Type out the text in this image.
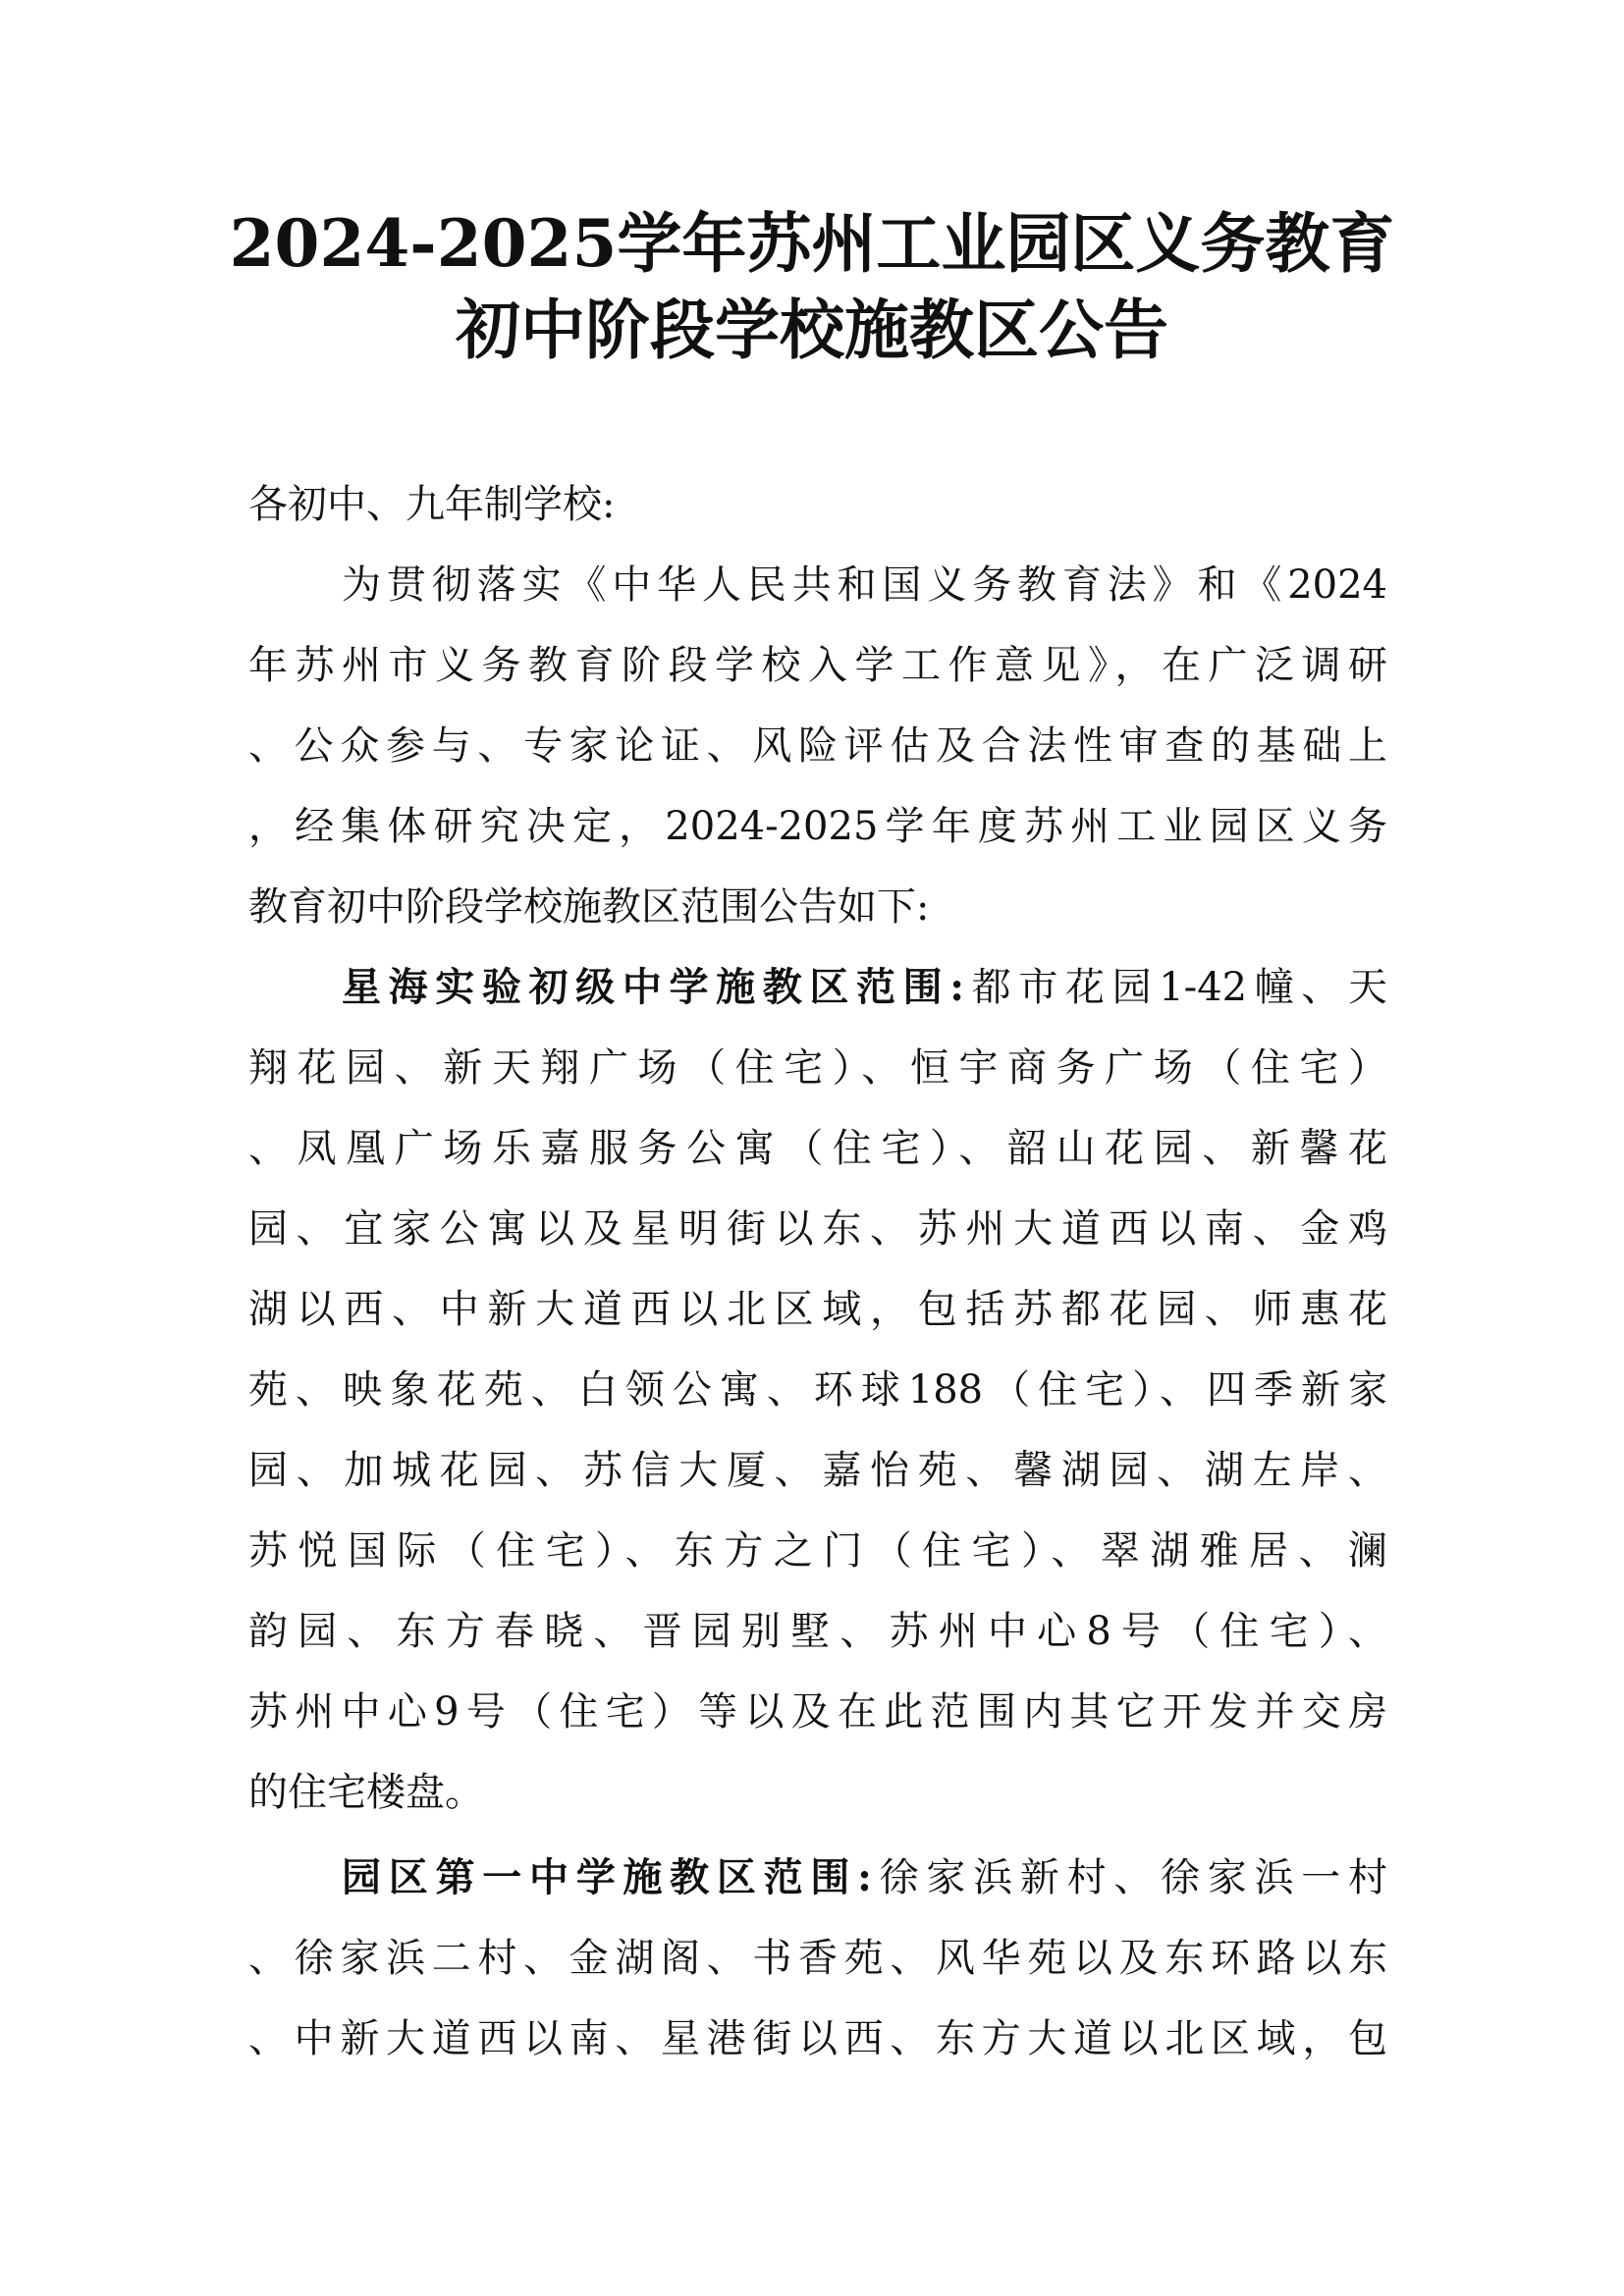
2024-2025学年苏州工业园区义务教育
初中阶段学校施教区公告
各初中、九年制学校:
为贯彻落实《中华人民共和国义务教育法》和《2024
年苏州市义务教育阶段学校入学工作意见》，在广泛调研
、公众参与、专家论证、风险评估及合法性审查的基础上
，经集体研究决定，2024-2025学年度苏州工业园区义务
教育初中阶段学校施教区范围公告如下:
星海实验初级中学施教区范围:都市花园1-42幢、天
翔花园、新天翔广场（住宅）、恒宇商务广场（住宅）
、凤凰广场乐嘉服务公寓（住宅）、韶山花园、新馨花
园、宜家公寓以及星明街以东、苏州大道西以南、金鸡
湖以西、中新大道西以北区域，包括苏都花园、师惠花
苑、映象花苑、白领公寓、环球188（住宅）、四季新家
园、加城花园、苏信大厦、嘉怡苑、馨湖园、湖左岸、
苏悦国际（住宅）、东方之门（住宅）、翠湖雅居、澜
韵园、东方春晓、晋园别墅、苏州中心8号（住宅）、
苏州中心9号（住宅）等以及在此范围内其它开发并交房
的住宅楼盘。
园区第一中学施教区范围:徐家浜新村、徐家浜一村
、徐家浜二村、金湖阁、书香苑、风华苑以及东环路以东
、中新大道西以南、星港街以西、东方大道以北区域，包
